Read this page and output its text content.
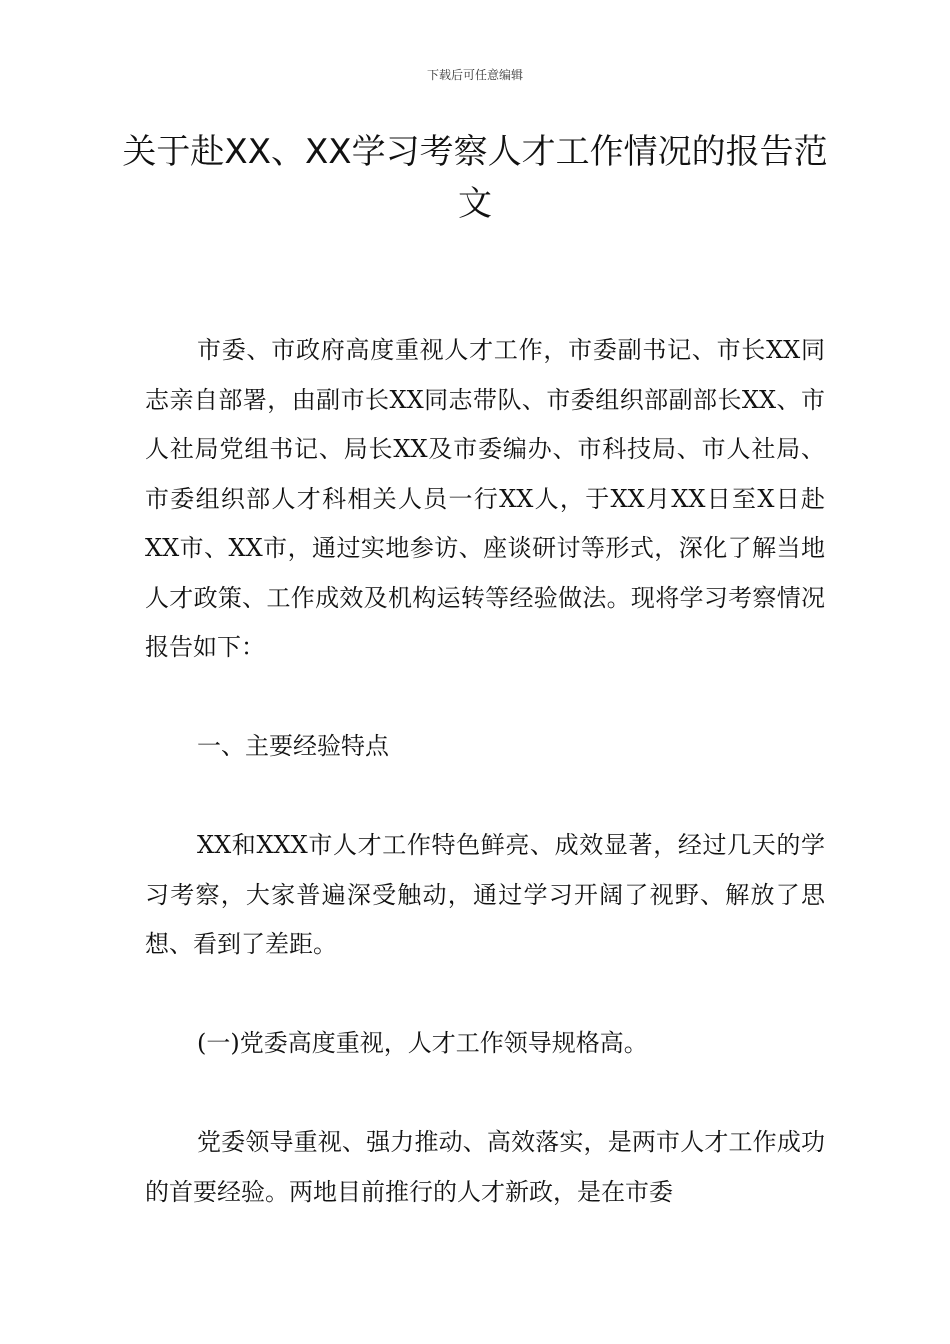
下载后可任意编辑
关于赴XX、XX学习考察人才工作情况的报告范文

市委、市政府高度重视人才工作，市委副书记、市长XX同志亲自部署，由副市长XX同志带队、市委组织部副部长XX、市人社局党组书记、局长XX及市委编办、市科技局、市人社局、市委组织部人才科相关人员一行XX人，于XX月XX日至X日赴XX市、XX市，通过实地参访、座谈研讨等形式，深化了解当地人才政策、工作成效及机构运转等经验做法。现将学习考察情况报告如下：

一、主要经验特点

XX和XXX市人才工作特色鲜亮、成效显著，经过几天的学习考察，大家普遍深受触动，通过学习开阔了视野、解放了思想、看到了差距。

(一)党委高度重视，人才工作领导规格高。

党委领导重视、强力推动、高效落实，是两市人才工作成功的首要经验。两地目前推行的人才新政，是在市委
